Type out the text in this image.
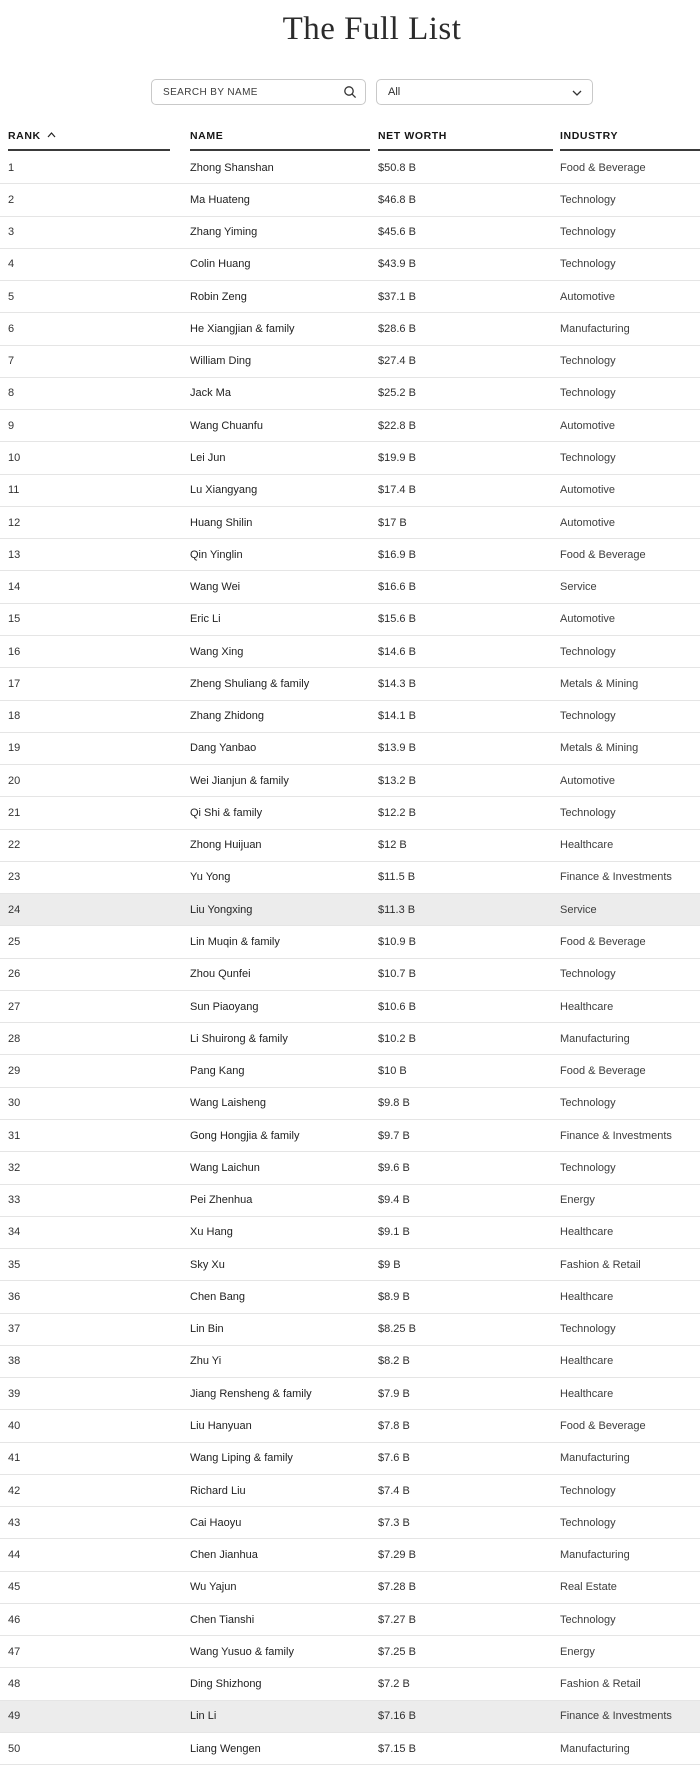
The Full List
SEARCH BY NAME
All
RANK	NAME	NET WORTH	INDUSTRY
1	Zhong Shanshan	$50.8 B	Food & Beverage
2	Ma Huateng	$46.8 B	Technology
3	Zhang Yiming	$45.6 B	Technology
4	Colin Huang	$43.9 B	Technology
5	Robin Zeng	$37.1 B	Automotive
6	He Xiangjian & family	$28.6 B	Manufacturing
7	William Ding	$27.4 B	Technology
8	Jack Ma	$25.2 B	Technology
9	Wang Chuanfu	$22.8 B	Automotive
10	Lei Jun	$19.9 B	Technology
11	Lu Xiangyang	$17.4 B	Automotive
12	Huang Shilin	$17 B	Automotive
13	Qin Yinglin	$16.9 B	Food & Beverage
14	Wang Wei	$16.6 B	Service
15	Eric Li	$15.6 B	Automotive
16	Wang Xing	$14.6 B	Technology
17	Zheng Shuliang & family	$14.3 B	Metals & Mining
18	Zhang Zhidong	$14.1 B	Technology
19	Dang Yanbao	$13.9 B	Metals & Mining
20	Wei Jianjun & family	$13.2 B	Automotive
21	Qi Shi & family	$12.2 B	Technology
22	Zhong Huijuan	$12 B	Healthcare
23	Yu Yong	$11.5 B	Finance & Investments
24	Liu Yongxing	$11.3 B	Service
25	Lin Muqin & family	$10.9 B	Food & Beverage
26	Zhou Qunfei	$10.7 B	Technology
27	Sun Piaoyang	$10.6 B	Healthcare
28	Li Shuirong & family	$10.2 B	Manufacturing
29	Pang Kang	$10 B	Food & Beverage
30	Wang Laisheng	$9.8 B	Technology
31	Gong Hongjia & family	$9.7 B	Finance & Investments
32	Wang Laichun	$9.6 B	Technology
33	Pei Zhenhua	$9.4 B	Energy
34	Xu Hang	$9.1 B	Healthcare
35	Sky Xu	$9 B	Fashion & Retail
36	Chen Bang	$8.9 B	Healthcare
37	Lin Bin	$8.25 B	Technology
38	Zhu Yi	$8.2 B	Healthcare
39	Jiang Rensheng & family	$7.9 B	Healthcare
40	Liu Hanyuan	$7.8 B	Food & Beverage
41	Wang Liping & family	$7.6 B	Manufacturing
42	Richard Liu	$7.4 B	Technology
43	Cai Haoyu	$7.3 B	Technology
44	Chen Jianhua	$7.29 B	Manufacturing
45	Wu Yajun	$7.28 B	Real Estate
46	Chen Tianshi	$7.27 B	Technology
47	Wang Yusuo & family	$7.25 B	Energy
48	Ding Shizhong	$7.2 B	Fashion & Retail
49	Lin Li	$7.16 B	Finance & Investments
50	Liang Wengen	$7.15 B	Manufacturing
